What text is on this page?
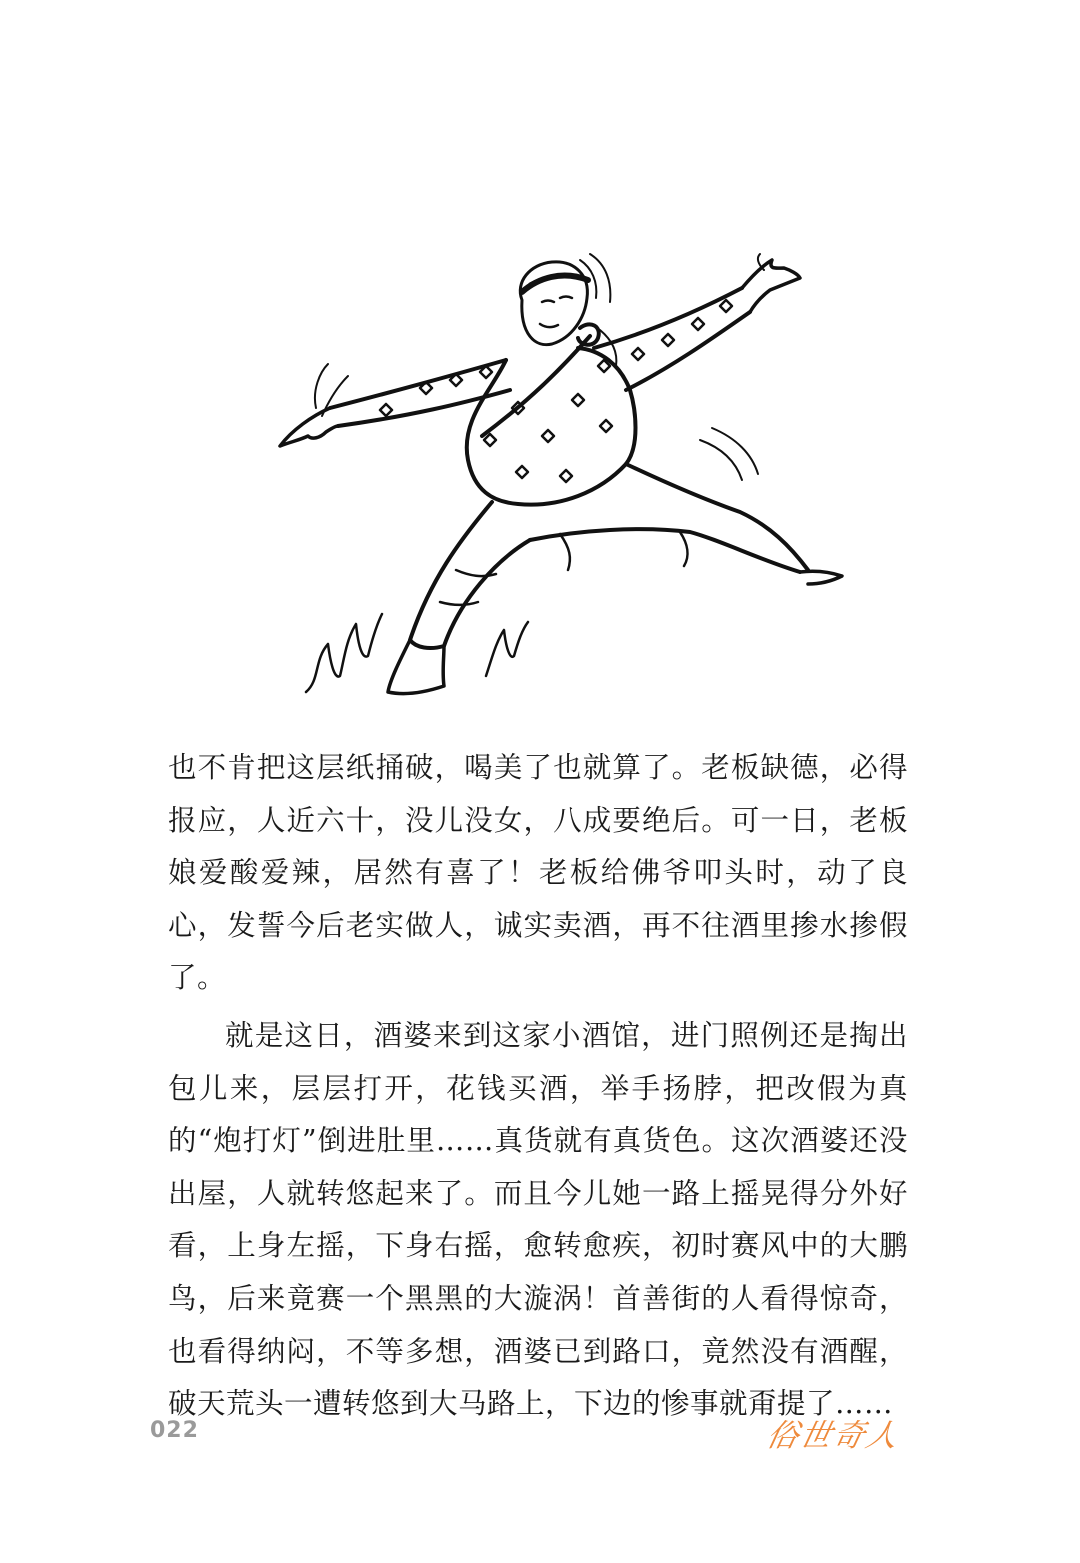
也不肯把这层纸捅破，喝美了也就算了。老板缺德，必得报应，人近六十，没儿没女，八成要绝后。可一日，老板娘爱酸爱辣，居然有喜了！老板给佛爷叩头时，动了良心，发誓今后老实做人，诚实卖酒，再不往酒里掺水掺假了。

就是这日，酒婆来到这家小酒馆，进门照例还是掏出包儿来，层层打开，花钱买酒，举手扬脖，把改假为真的“炮打灯”倒进肚里……真货就有真货色。这次酒婆还没出屋，人就转悠起来了。而且今儿她一路上摇晃得分外好看，上身左摇，下身右摇，愈转愈疾，初时赛风中的大鹏鸟，后来竟赛一个黑黑的大漩涡！首善街的人看得惊奇，也看得纳闷，不等多想，酒婆已到路口，竟然没有酒醒，破天荒头一遭转悠到大马路上，下边的惨事就甭提了……

022	俗世奇人
